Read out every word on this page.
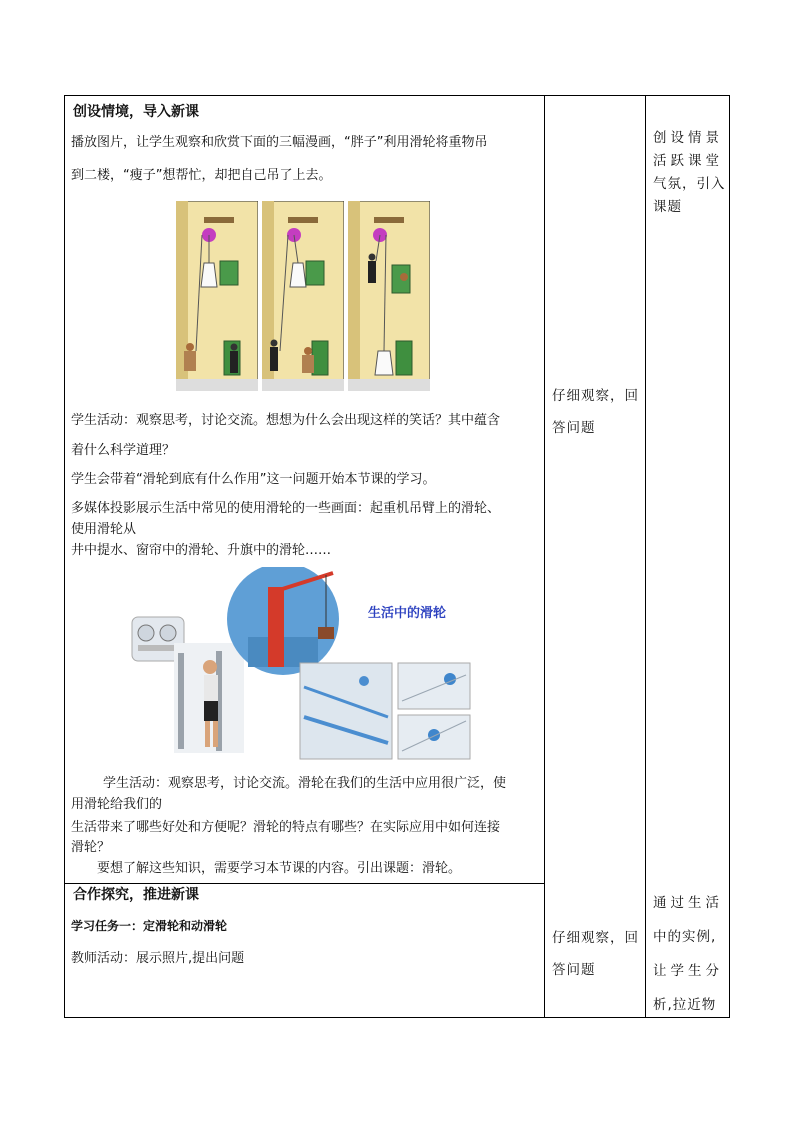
创设情境，导入新课
播放图片，让学生观察和欣赏下面的三幅漫画，“胖子”利用滑轮将重物吊
到二楼，“瘦子”想帮忙，却把自己吊了上去。
学生活动：观察思考，讨论交流。想想为什么会出现这样的笑话？其中蕴含
着什么科学道理？
学生会带着“滑轮到底有什么作用”这一问题开始本节课的学习。
多媒体投影展示生活中常见的使用滑轮的一些画面：起重机吊臂上的滑轮、
使用滑轮从
井中提水、窗帘中的滑轮、升旗中的滑轮……
生活中的滑轮
学生活动：观察思考，讨论交流。滑轮在我们的生活中应用很广泛，使
用滑轮给我们的
生活带来了哪些好处和方便呢？滑轮的特点有哪些？在实际应用中如何连接
滑轮？
要想了解这些知识，需要学习本节课的内容。引出课题：滑轮。
仔细观察，回
答问题
创设情景
活跃课堂
气氛，引入
课题
合作探究，推进新课
学习任务一：定滑轮和动滑轮
教师活动：展示照片,提出问题
仔细观察，回
答问题
通过生活
中的实例,
让学生分
析,拉近物
